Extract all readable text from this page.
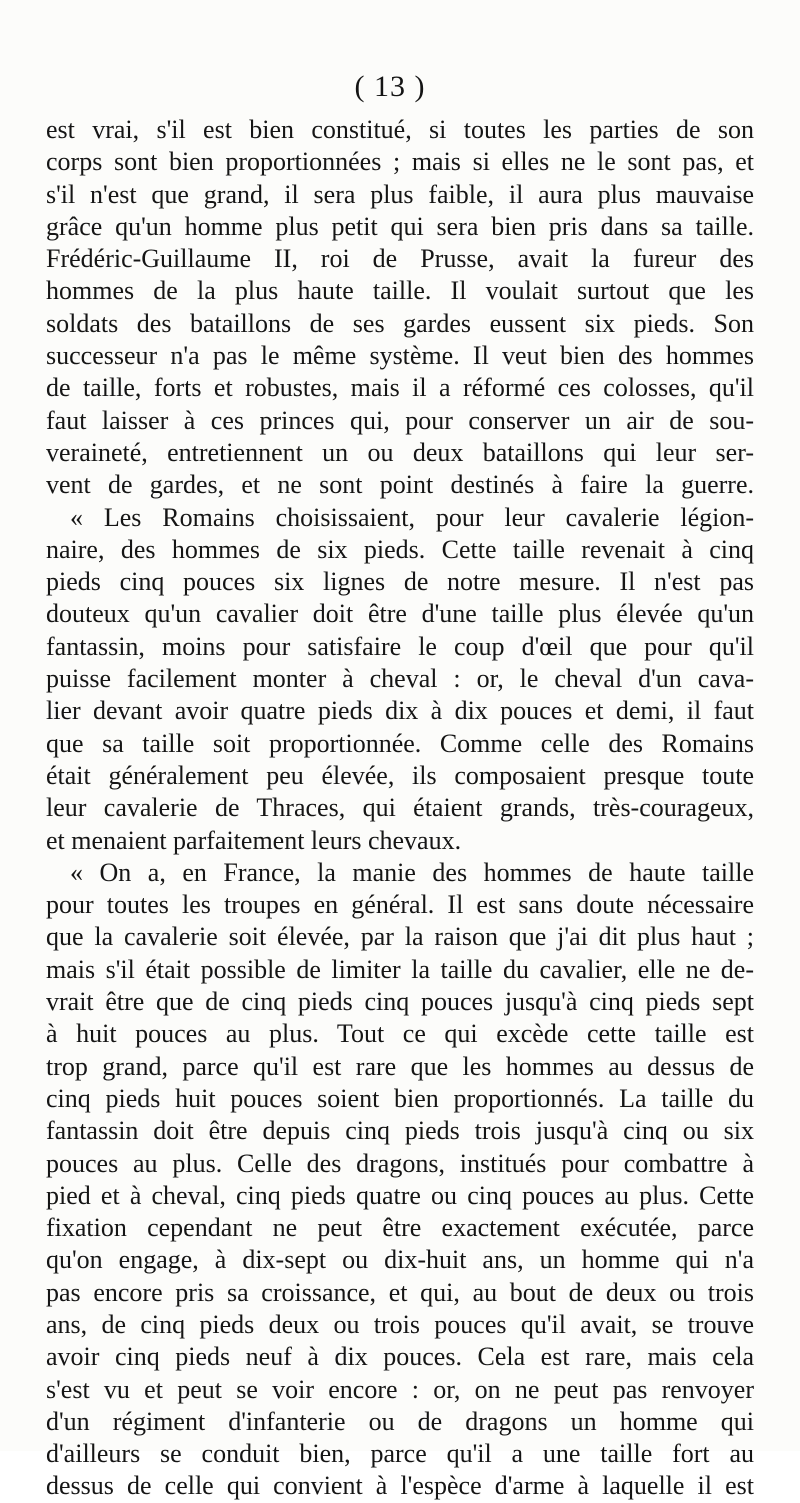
( 13 )
est vrai, s'il est bien constitué, si toutes les parties de son
corps sont bien proportionnées ; mais si elles ne le sont pas, et
s'il n'est que grand, il sera plus faible, il aura plus mauvaise
grâce qu'un homme plus petit qui sera bien pris dans sa taille.
Frédéric-Guillaume II, roi de Prusse, avait la fureur des
hommes de la plus haute taille. Il voulait surtout que les
soldats des bataillons de ses gardes eussent six pieds. Son
successeur n'a pas le même système. Il veut bien des hommes
de taille, forts et robustes, mais il a réformé ces colosses, qu'il
faut laisser à ces princes qui, pour conserver un air de sou-
veraineté, entretiennent un ou deux bataillons qui leur ser-
vent de gardes, et ne sont point destinés à faire la guerre.
« Les Romains choisissaient, pour leur cavalerie légion-
naire, des hommes de six pieds. Cette taille revenait à cinq
pieds cinq pouces six lignes de notre mesure. Il n'est pas
douteux qu'un cavalier doit être d'une taille plus élevée qu'un
fantassin, moins pour satisfaire le coup d'œil que pour qu'il
puisse facilement monter à cheval : or, le cheval d'un cava-
lier devant avoir quatre pieds dix à dix pouces et demi, il faut
que sa taille soit proportionnée. Comme celle des Romains
était généralement peu élevée, ils composaient presque toute
leur cavalerie de Thraces, qui étaient grands, très-courageux,
et menaient parfaitement leurs chevaux.
« On a, en France, la manie des hommes de haute taille
pour toutes les troupes en général. Il est sans doute nécessaire
que la cavalerie soit élevée, par la raison que j'ai dit plus haut ;
mais s'il était possible de limiter la taille du cavalier, elle ne de-
vrait être que de cinq pieds cinq pouces jusqu'à cinq pieds sept
à huit pouces au plus. Tout ce qui excède cette taille est
trop grand, parce qu'il est rare que les hommes au dessus de
cinq pieds huit pouces soient bien proportionnés. La taille du
fantassin doit être depuis cinq pieds trois jusqu'à cinq ou six
pouces au plus. Celle des dragons, institués pour combattre à
pied et à cheval, cinq pieds quatre ou cinq pouces au plus. Cette
fixation cependant ne peut être exactement exécutée, parce
qu'on engage, à dix-sept ou dix-huit ans, un homme qui n'a
pas encore pris sa croissance, et qui, au bout de deux ou trois
ans, de cinq pieds deux ou trois pouces qu'il avait, se trouve
avoir cinq pieds neuf à dix pouces. Cela est rare, mais cela
s'est vu et peut se voir encore : or, on ne peut pas renvoyer
d'un régiment d'infanterie ou de dragons un homme qui
d'ailleurs se conduit bien, parce qu'il a une taille fort au
dessus de celle qui convient à l'espèce d'arme à laquelle il est
